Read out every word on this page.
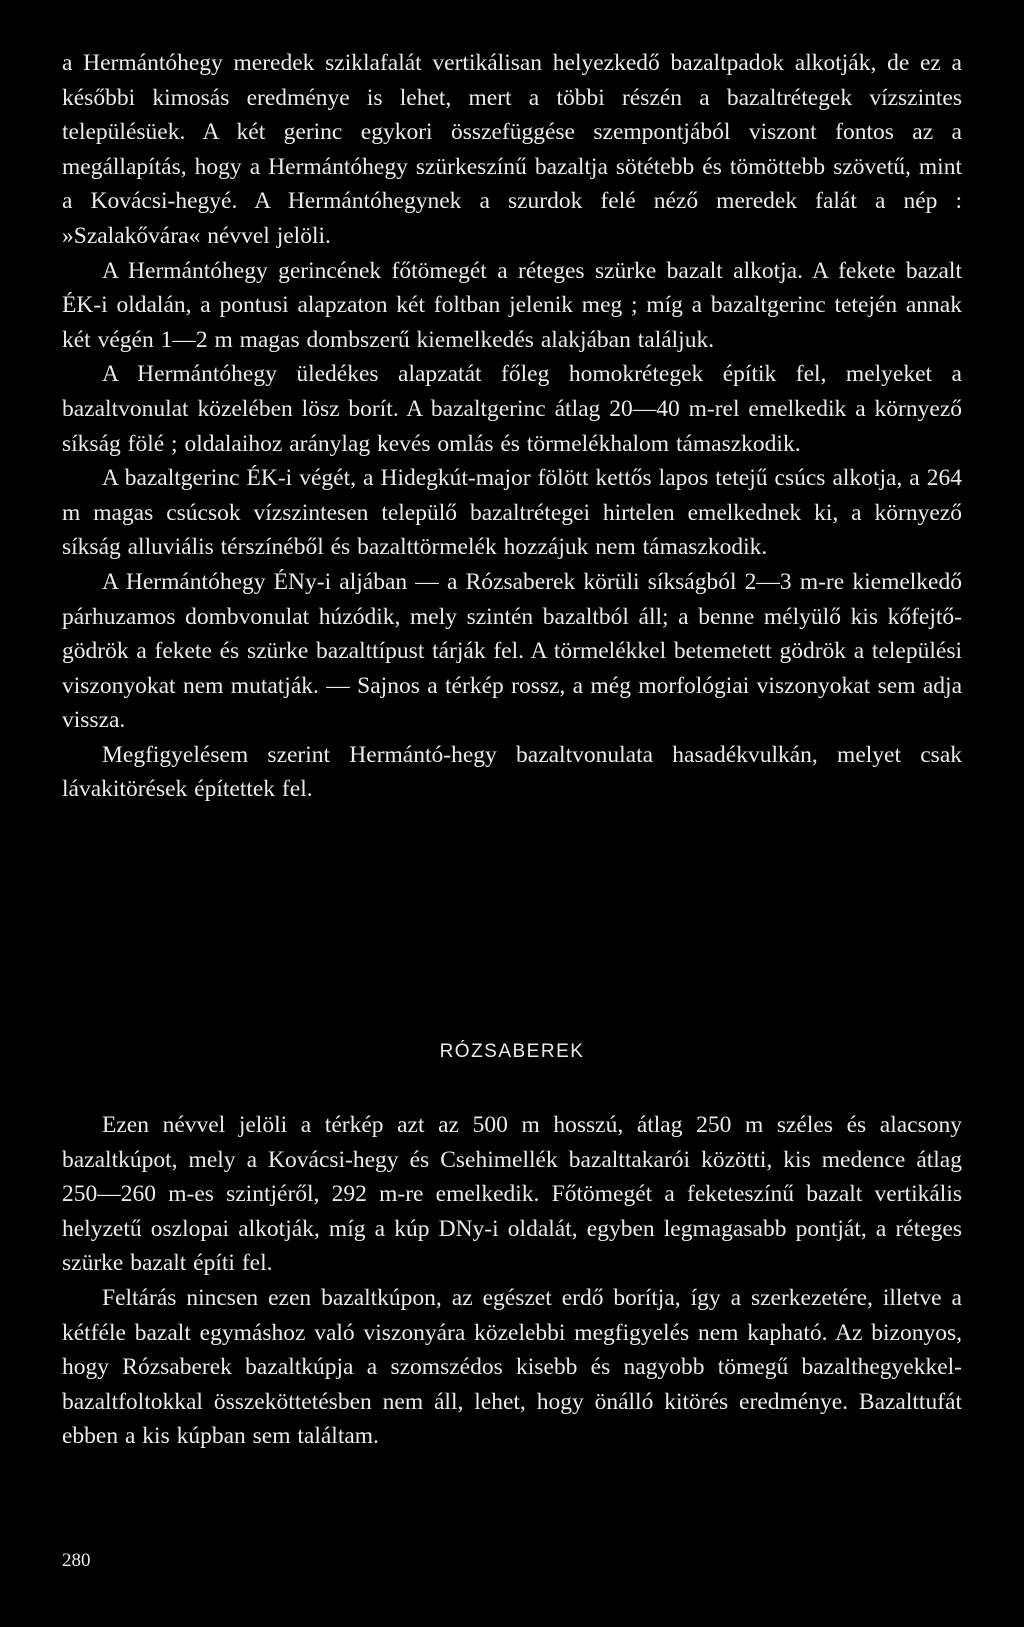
a Hermántóhegy meredek sziklafalát vertikálisan helyezkedő bazaltpadok alkotják, de ez a későbbi kimosás eredménye is lehet, mert a többi részén a bazaltrétegek vízszintes településüek. A két gerinc egykori összefüggése szempontjából viszont fontos az a megállapítás, hogy a Hermántóhegy szürkeszínű bazaltja sötétebb és tömöttebb szövetű, mint a Kovácsi-hegyé. A Hermántóhegynek a szurdok felé néző meredek falát a nép : »Szalakővára« névvel jelöli.

A Hermántóhegy gerincének főtömegét a réteges szürke bazalt alkotja. A fekete bazalt ÉK-i oldalán, a pontusi alapzaton két foltban jelenik meg ; míg a bazaltgerinc tetején annak két végén 1—2 m magas dombszerű kiemelkedés alakjában találjuk.

A Hermántóhegy üledékes alapzatát főleg homokrétegek építik fel, melyeket a bazaltvonulat közelében lösz borít. A bazaltgerinc átlag 20—40 m-rel emelkedik a környező síkság fölé ; oldalaihoz aránylag kevés omlás és törmelékhalom támaszkodik.

A bazaltgerinc ÉK-i végét, a Hidegkút-major fölött kettős lapos tetejű csúcs alkotja, a 264 m magas csúcsok vízszintesen települő bazaltrétegei hirtelen emelkednek ki, a környező síkság alluviális térszínéből és bazalttörmelék hozzájuk nem támaszkodik.

A Hermántóhegy ÉNy-i aljában — a Rózsaberek körüli síkságból 2—3 m-re kiemelkedő párhuzamos dombvonulat húzódik, mely szintén bazaltból áll; a benne mélyülő kis kőfejtő-gödrök a fekete és szürke bazalttípust tárják fel. A törmelékkel betemetett gödrök a települési viszonyokat nem mutatják. — Sajnos a térkép rossz, a még morfológiai viszonyokat sem adja vissza.

Megfigyelésem szerint Hermántó-hegy bazaltvonulata hasadékvulkán, melyet csak lávakitörések építettek fel.

RÓZSABEREK

Ezen névvel jelöli a térkép azt az 500 m hosszú, átlag 250 m széles és alacsony bazaltkúpot, mely a Kovácsi-hegy és Csehimellék bazalttakarói közötti, kis medence átlag 250—260 m-es szintjéről, 292 m-re emelkedik. Főtömegét a feketeszínű bazalt vertikális helyzetű oszlopai alkotják, míg a kúp DNy-i oldalát, egyben legmagasabb pontját, a réteges szürke bazalt építi fel.

Feltárás nincsen ezen bazaltkúpon, az egészet erdő borítja, így a szerkezetére, illetve a kétféle bazalt egymáshoz való viszonyára közelebbi megfigyelés nem kapható. Az bizonyos, hogy Rózsaberek bazaltkúpja a szomszédos kisebb és nagyobb tömegű bazalthegyekkel-bazaltfoltokkal összeköttetésben nem áll, lehet, hogy önálló kitörés eredménye. Bazalttufát ebben a kis kúpban sem találtam.

280
